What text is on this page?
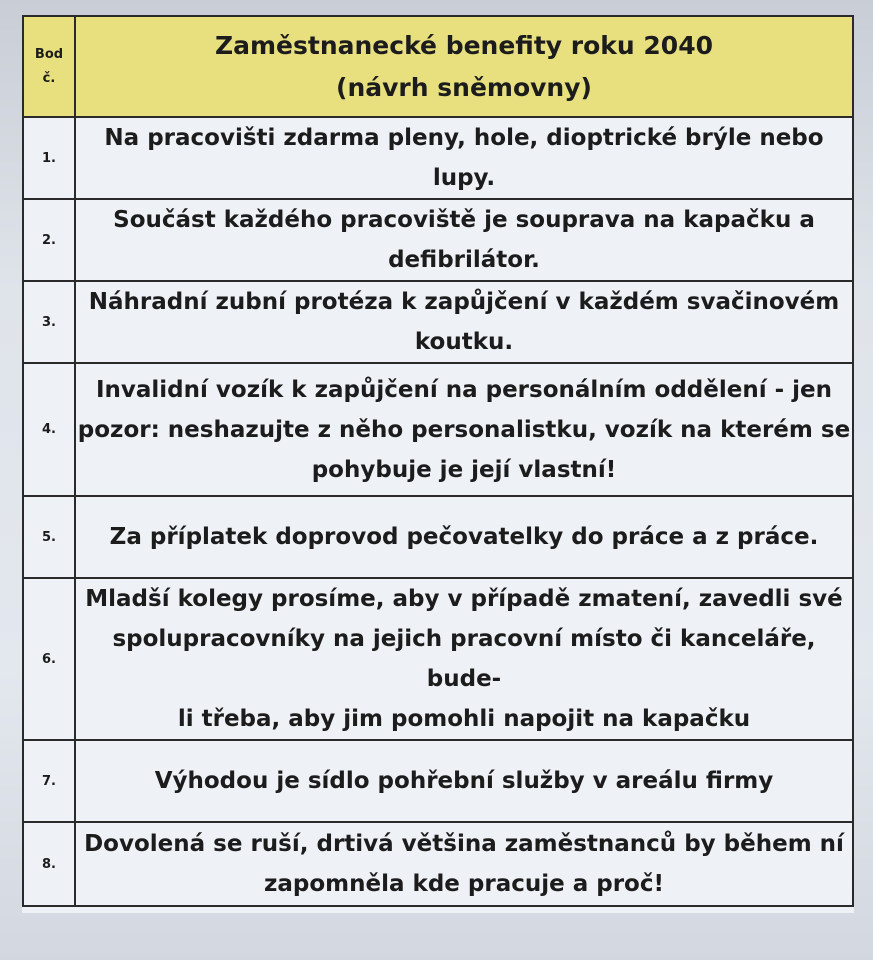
Bod
č.	Zaměstnanecké benefity roku 2040
(návrh sněmovny)

1.	Na pracovišti zdarma pleny, hole, dioptrické brýle nebo
lupy.

2.	Součást každého pracoviště je souprava na kapačku a
defibrilátor.

3.	Náhradní zubní protéza k zapůjčení v každém svačinovém
koutku.

4.	Invalidní vozík k zapůjčení na personálním oddělení - jen
pozor: neshazujte z něho personalistku, vozík na kterém se
pohybuje je její vlastní!

5.	Za příplatek doprovod pečovatelky do práce a z práce.

6.	Mladší kolegy prosíme, aby v případě zmatení, zavedli své
spolupracovníky na jejich pracovní místo či kanceláře, bude-
li třeba, aby jim pomohli napojit na kapačku

7.	Výhodou je sídlo pohřební služby v areálu firmy

8.	Dovolená se ruší, drtivá většina zaměstnanců by během ní
zapomněla kde pracuje a proč!
